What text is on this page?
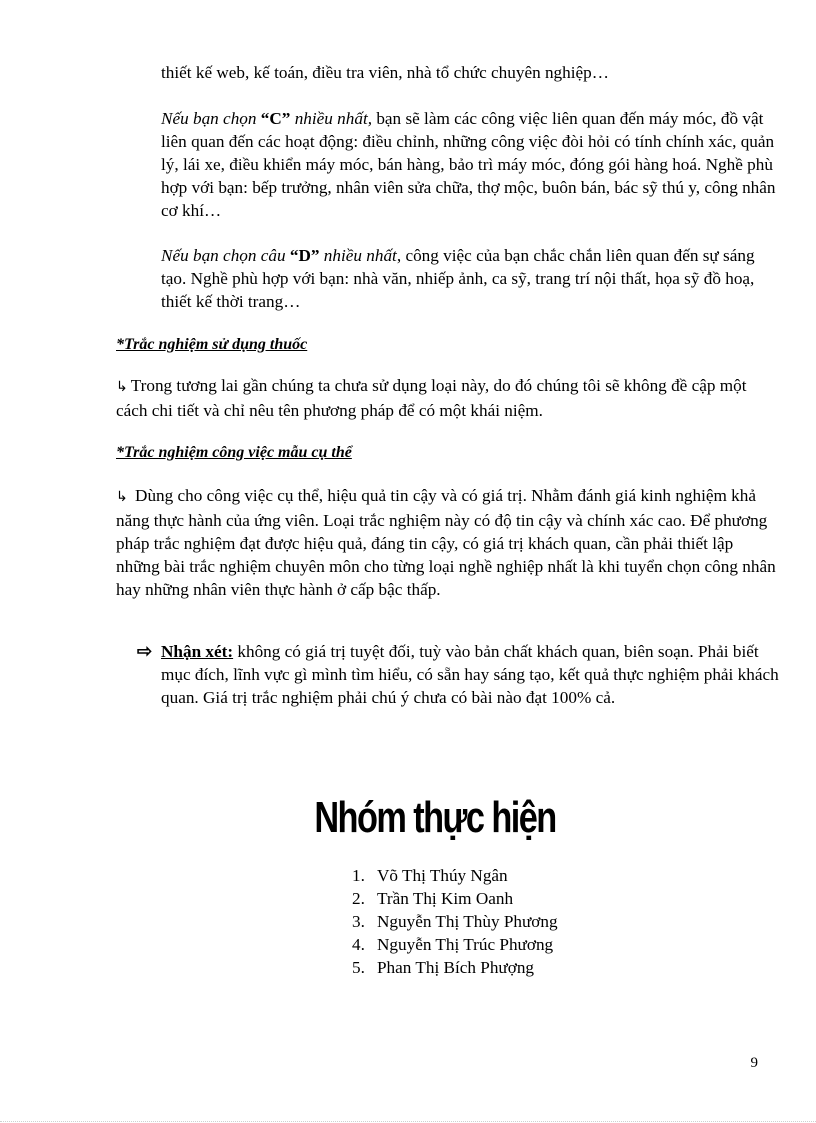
thiết kế web, kế toán, điều tra viên, nhà tổ chức chuyên nghiệp…

Nếu bạn chọn “C” nhiều nhất, bạn sẽ làm các công việc liên quan đến máy móc, đồ vật liên quan đến các hoạt động: điều chỉnh, những công việc đòi hỏi có tính chính xác, quản lý, lái xe, điều khiển máy móc, bán hàng, bảo trì máy móc, đóng gói hàng hoá. Nghề phù hợp với bạn: bếp trưởng, nhân viên sửa chữa, thợ mộc, buôn bán, bác sỹ thú y, công nhân cơ khí…

Nếu bạn chọn câu “D” nhiều nhất, công việc của bạn chắc chắn liên quan đến sự sáng tạo. Nghề phù hợp với bạn: nhà văn, nhiếp ảnh, ca sỹ, trang trí nội thất, họa sỹ đồ hoạ, thiết kế thời trang…

*Trắc nghiệm sử dụng thuốc

↳ Trong tương lai gần chúng ta chưa sử dụng loại này, do đó chúng tôi sẽ không đề cập một cách chi tiết và chỉ nêu tên phương pháp để có một khái niệm.

*Trắc nghiệm công việc mẫu cụ thể

↳ Dùng cho công việc cụ thể, hiệu quả tin cậy và có giá trị. Nhằm đánh giá kinh nghiệm khả năng thực hành của ứng viên. Loại trắc nghiệm này có độ tin cậy và chính xác cao. Để phương pháp trắc nghiệm đạt được hiệu quả, đáng tin cậy, có giá trị khách quan, cần phải thiết lập những bài trắc nghiệm chuyên môn cho từng loại nghề nghiệp nhất là khi tuyển chọn công nhân hay những nhân viên thực hành ở cấp bậc thấp.

⇨ Nhận xét: không có giá trị tuyệt đối, tuỳ vào bản chất khách quan, biên soạn. Phải biết mục đích, lĩnh vực gì mình tìm hiểu, có sẵn hay sáng tạo, kết quả thực nghiệm phải khách quan. Giá trị trắc nghiệm phải chú ý chưa có bài nào đạt 100% cả.

Nhóm thực hiện
1. Võ Thị Thúy Ngân
2. Trần Thị Kim Oanh
3. Nguyễn Thị Thùy Phương
4. Nguyễn Thị Trúc Phương
5. Phan Thị Bích Phượng
9
